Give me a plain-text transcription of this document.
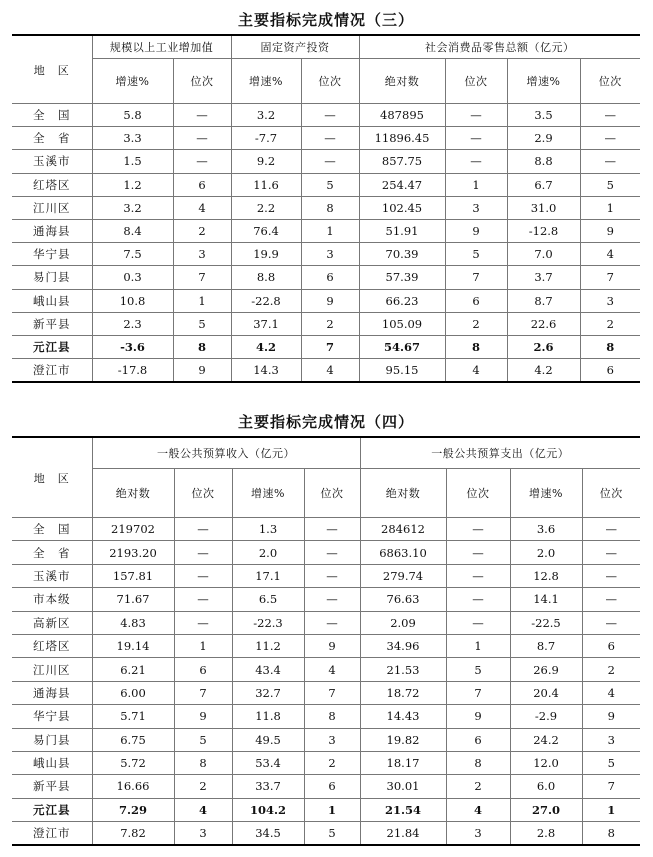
主要指标完成情况（三）
地　区	规模以上工业增加值		固定资产投资		社会消费品零售总额（亿元）			
	增速%	位次	增速%	位次	绝对数	位次	增速%	位次
全　国	5.8	—	3.2	—	487895	—	3.5	—
全　省	3.3	—	-7.7	—	11896.45	—	2.9	—
玉溪市	1.5	—	9.2	—	857.75	—	8.8	—
红塔区	1.2	6	11.6	5	254.47	1	6.7	5
江川区	3.2	4	2.2	8	102.45	3	31.0	1
通海县	8.4	2	76.4	1	51.91	9	-12.8	9
华宁县	7.5	3	19.9	3	70.39	5	7.0	4
易门县	0.3	7	8.8	6	57.39	7	3.7	7
峨山县	10.8	1	-22.8	9	66.23	6	8.7	3
新平县	2.3	5	37.1	2	105.09	2	22.6	2
元江县	-3.6	8	4.2	7	54.67	8	2.6	8
澄江市	-17.8	9	14.3	4	95.15	4	4.2	6
主要指标完成情况（四）
地　区	一般公共预算收入（亿元）				一般公共预算支出（亿元）			
	绝对数	位次	增速%	位次	绝对数	位次	增速%	位次
全　国	219702	—	1.3	—	284612	—	3.6	—
全　省	2193.20	—	2.0	—	6863.10	—	2.0	—
玉溪市	157.81	—	17.1	—	279.74	—	12.8	—
市本级	71.67	—	6.5	—	76.63	—	14.1	—
高新区	4.83	—	-22.3	—	2.09	—	-22.5	—
红塔区	19.14	1	11.2	9	34.96	1	8.7	6
江川区	6.21	6	43.4	4	21.53	5	26.9	2
通海县	6.00	7	32.7	7	18.72	7	20.4	4
华宁县	5.71	9	11.8	8	14.43	9	-2.9	9
易门县	6.75	5	49.5	3	19.82	6	24.2	3
峨山县	5.72	8	53.4	2	18.17	8	12.0	5
新平县	16.66	2	33.7	6	30.01	2	6.0	7
元江县	7.29	4	104.2	1	21.54	4	27.0	1
澄江市	7.82	3	34.5	5	21.84	3	2.8	8
